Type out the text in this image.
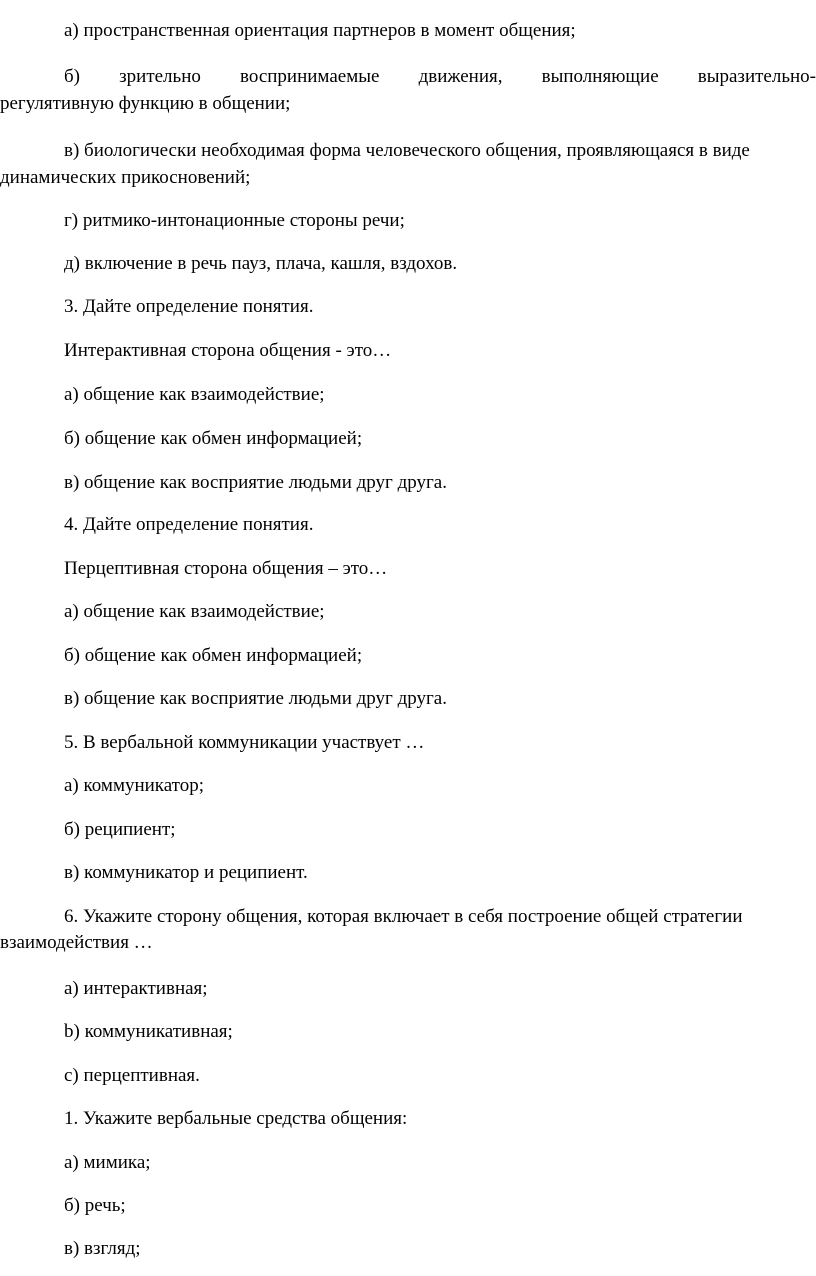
а) пространственная ориентация партнеров в момент общения;
б) зрительно воспринимаемые движения, выполняющие выразительно-
регулятивную функцию в общении;
в) биологически необходимая форма человеческого общения, проявляющаяся в виде
динамических прикосновений;
г) ритмико-интонационные стороны речи;
д) включение в речь пауз, плача, кашля, вздохов.
3. Дайте определение понятия.
Интерактивная сторона общения - это…
а) общение как взаимодействие;
б) общение как обмен информацией;
в) общение как восприятие людьми друг друга.
4. Дайте определение понятия.
Перцептивная сторона общения – это…
а) общение как взаимодействие;
б) общение как обмен информацией;
в) общение как восприятие людьми друг друга.
5. В вербальной коммуникации участвует …
а) коммуникатор;
б) реципиент;
в) коммуникатор и реципиент.
6. Укажите сторону общения, которая включает в себя построение общей стратегии
взаимодействия …
а) интерактивная;
b) коммуникативная;
c) перцептивная.
1. Укажите вербальные средства общения:
а) мимика;
б) речь;
в) взгляд;
